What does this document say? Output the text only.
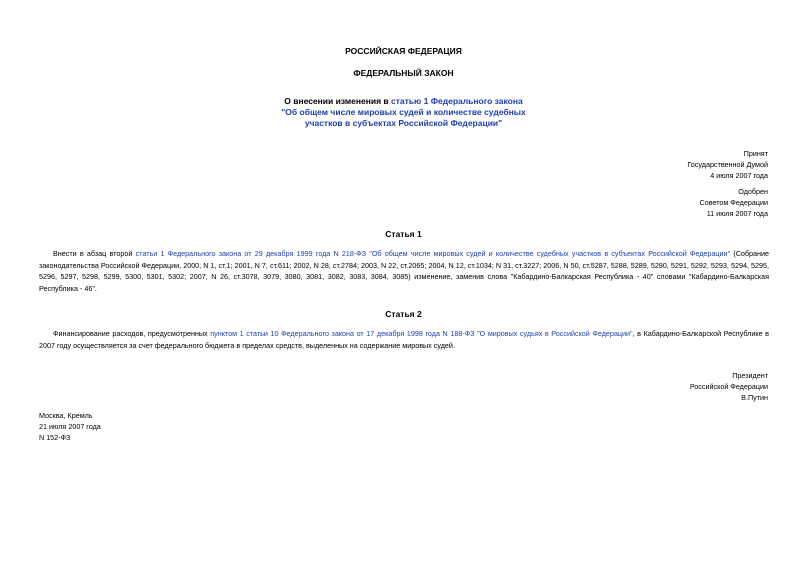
РОССИЙСКАЯ ФЕДЕРАЦИЯ
ФЕДЕРАЛЬНЫЙ ЗАКОН
О внесении изменения в статью 1 Федерального закона
"Об общем числе мировых судей и количестве судебных
участков в субъектах Российской Федерации"
Принят
Государственной Думой
4 июля 2007 года
Одобрен
Советом Федерации
11 июля 2007 года
Статья 1
Внести в абзац второй статьи 1 Федерального закона от 29 декабря 1999 года N 218-ФЗ "Об общем числе мировых судей и количестве судебных участков в субъектах Российской Федерации" (Собрание законодательства Российской Федерации, 2000, N 1, ст.1; 2001, N 7, ст.611; 2002, N 28, ст.2784; 2003, N 22, ст.2065; 2004, N 12, ст.1034; N 31, ст.3227; 2006, N 50, ст.5287, 5288, 5289, 5290, 5291, 5292, 5293, 5294, 5295, 5296, 5297, 5298, 5299, 5300, 5301, 5302; 2007, N 26, ст.3078, 3079, 3080, 3081, 3082, 3083, 3084, 3085) изменение, заменив слова "Кабардино-Балкарская Республика - 40" словами "Кабардино-Балкарская Республика - 46".
Статья 2
Финансирование расходов, предусмотренных пунктом 1 статьи 10 Федерального закона от 17 декабря 1998 года N 188-ФЗ "О мировых судьях в Российской Федерации", в Кабардино-Балкарской Республике в 2007 году осуществляется за счет федерального бюджета в пределах средств, выделенных на содержание мировых судей.
Президент
Российской Федерации
В.Путин
Москва, Кремль
21 июля 2007 года
N 152-ФЗ
